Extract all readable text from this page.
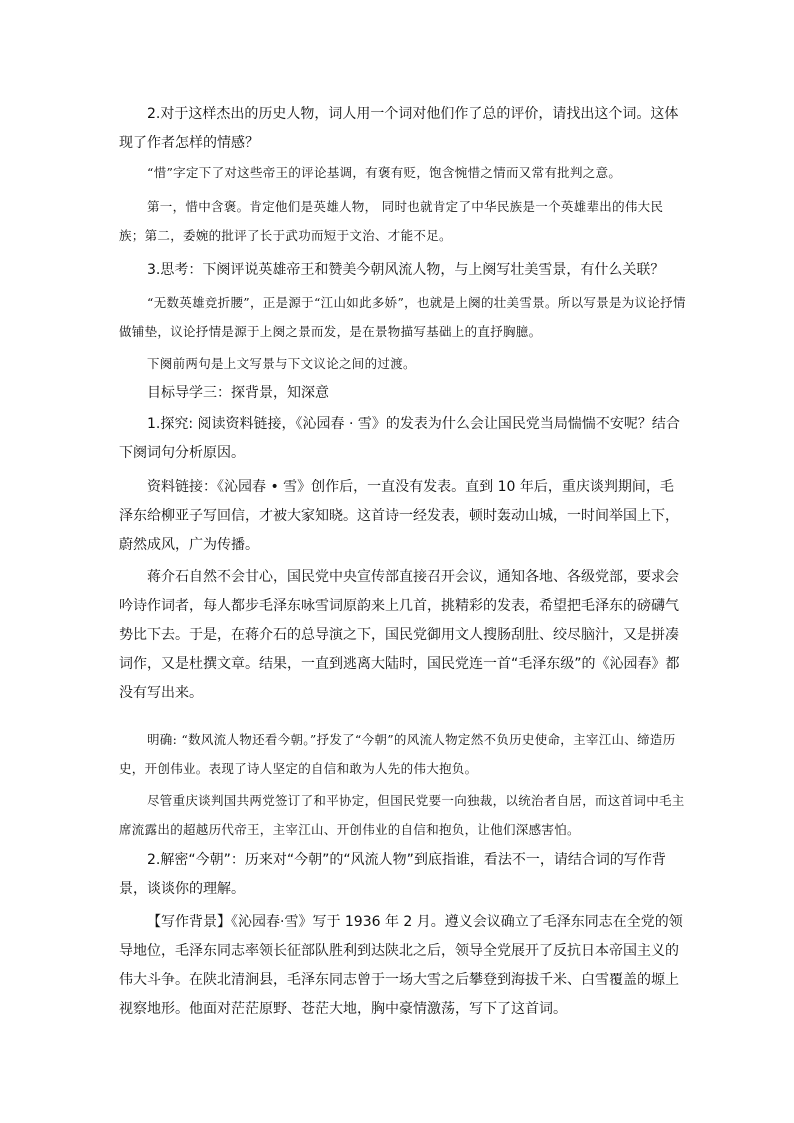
2.对于这样杰出的历史人物，词人用一个词对他们作了总的评价，请找出这个词。这体现了作者怎样的情感？

“惜”字定下了对这些帝王的评论基调，有褒有贬，饱含惋惜之情而又常有批判之意。

第一，惜中含褒。肯定他们是英雄人物， 同时也就肯定了中华民族是一个英雄辈出的伟大民族；第二，委婉的批评了长于武功而短于文治、才能不足。

3.思考：下阕评说英雄帝王和赞美今朝风流人物，与上阕写壮美雪景，有什么关联？

“无数英雄竞折腰”，正是源于“江山如此多娇”，也就是上阕的壮美雪景。所以写景是为议论抒情做铺垫，议论抒情是源于上阕之景而发，是在景物描写基础上的直抒胸臆。

下阕前两句是上文写景与下文议论之间的过渡。

目标导学三：探背景，知深意

1.探究: 阅读资料链接，《沁园春 · 雪》的发表为什么会让国民党当局惴惴不安呢？结合下阕词句分析原因。

资料链接：《沁园春 • 雪》创作后，一直没有发表。直到 10 年后，重庆谈判期间，毛泽东给柳亚子写回信，才被大家知晓。这首诗一经发表，顿时轰动山城，一时间举国上下，蔚然成风，广为传播。

蒋介石自然不会甘心，国民党中央宣传部直接召开会议，通知各地、各级党部，要求会吟诗作词者，每人都步毛泽东咏雪词原韵来上几首，挑精彩的发表，希望把毛泽东的磅礴气势比下去。于是，在蒋介石的总导演之下，国民党御用文人搜肠刮肚、绞尽脑汁，又是拼凑词作，又是杜撰文章。结果，一直到逃离大陆时，国民党连一首“毛泽东级”的《沁园春》都没有写出来。

明确: “数风流人物还看今朝。”抒发了“今朝”的风流人物定然不负历史使命，主宰江山、缔造历史，开创伟业。表现了诗人坚定的自信和敢为人先的伟大抱负。

尽管重庆谈判国共两党签订了和平协定，但国民党要一向独裁，以统治者自居，而这首词中毛主席流露出的超越历代帝王，主宰江山、开创伟业的自信和抱负，让他们深感害怕。

2.解密“今朝”：历来对“今朝”的“风流人物”到底指谁，看法不一，请结合词的写作背景，谈谈你的理解。

【写作背景】《沁园春·雪》写于 1936 年 2 月。遵义会议确立了毛泽东同志在全党的领导地位，毛泽东同志率领长征部队胜利到达陕北之后，领导全党展开了反抗日本帝国主义的伟大斗争。在陕北清涧县，毛泽东同志曾于一场大雪之后攀登到海拔千米、白雪覆盖的塬上视察地形。他面对茫茫原野、苍茫大地，胸中豪情激荡，写下了这首词。
